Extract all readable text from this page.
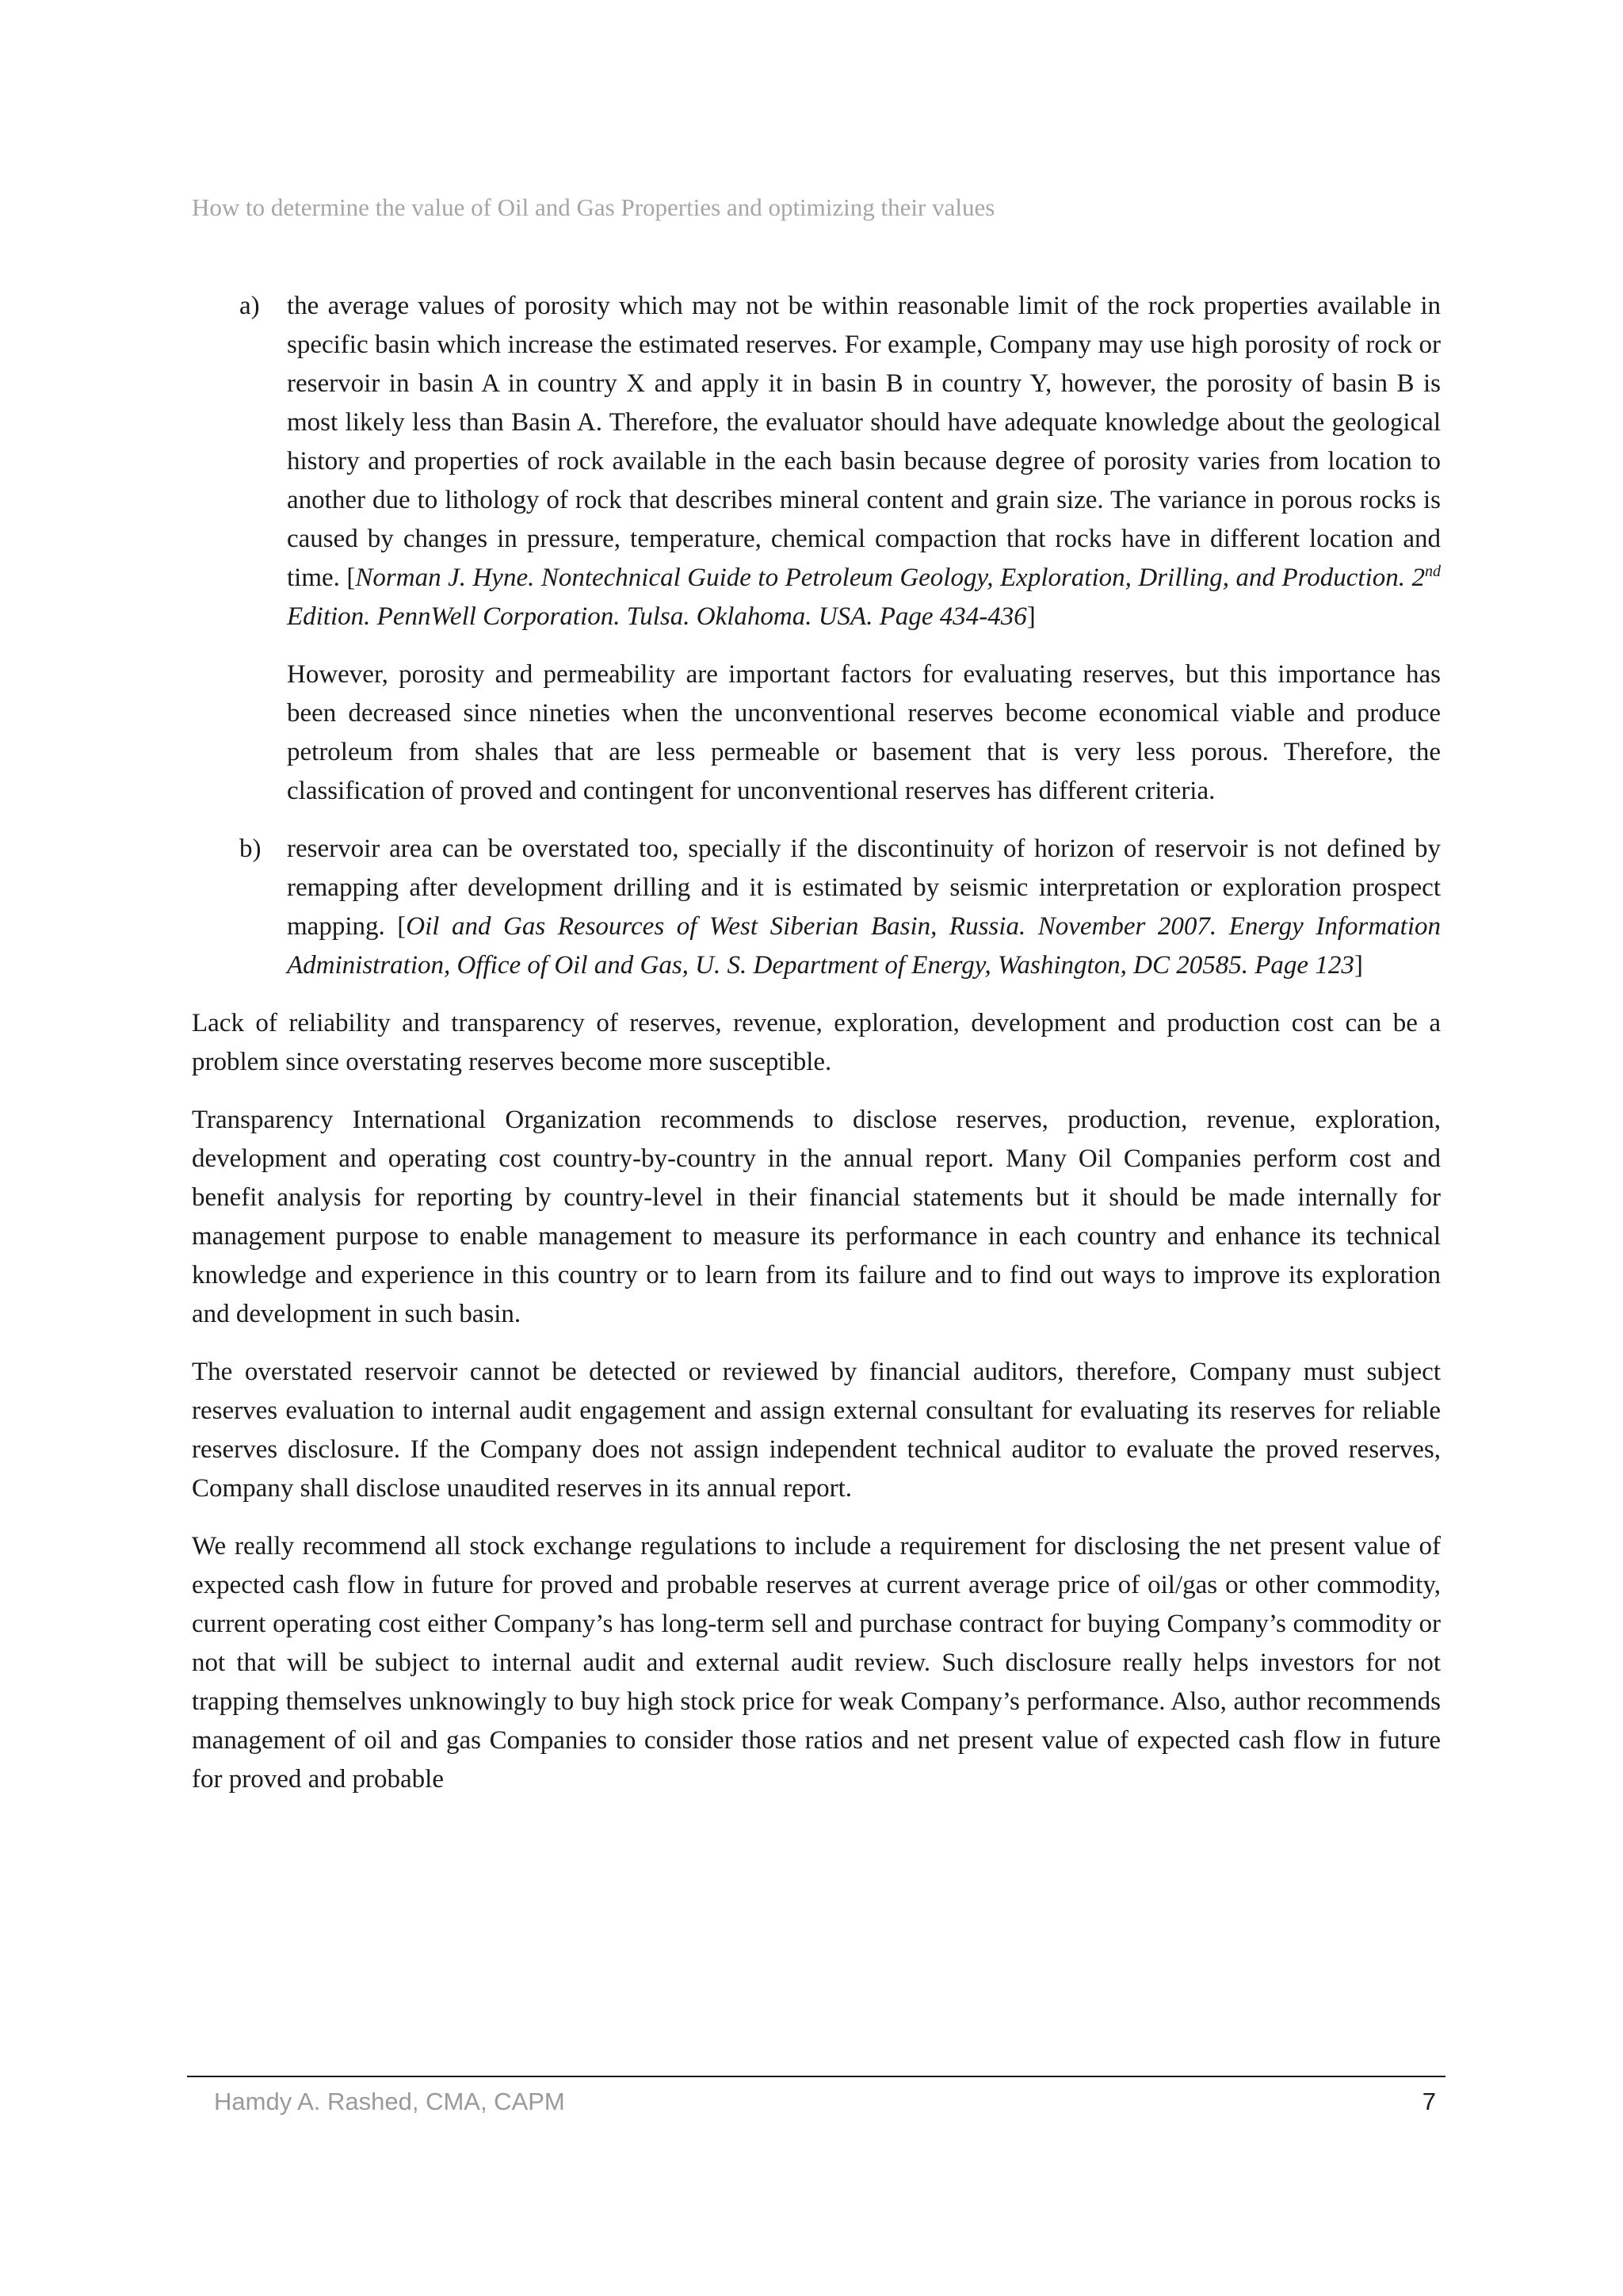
How to determine the value of Oil and Gas Properties and optimizing their values
a) the average values of porosity which may not be within reasonable limit of the rock properties available in specific basin which increase the estimated reserves. For example, Company may use high porosity of rock or reservoir in basin A in country X and apply it in basin B in country Y, however, the porosity of basin B is most likely less than Basin A. Therefore, the evaluator should have adequate knowledge about the geological history and properties of rock available in the each basin because degree of porosity varies from location to another due to lithology of rock that describes mineral content and grain size. The variance in porous rocks is caused by changes in pressure, temperature, chemical compaction that rocks have in different location and time. [Norman J. Hyne. Nontechnical Guide to Petroleum Geology, Exploration, Drilling, and Production. 2nd Edition. PennWell Corporation. Tulsa. Oklahoma. USA. Page 434-436]

However, porosity and permeability are important factors for evaluating reserves, but this importance has been decreased since nineties when the unconventional reserves become economical viable and produce petroleum from shales that are less permeable or basement that is very less porous. Therefore, the classification of proved and contingent for unconventional reserves has different criteria.

b) reservoir area can be overstated too, specially if the discontinuity of horizon of reservoir is not defined by remapping after development drilling and it is estimated by seismic interpretation or exploration prospect mapping. [Oil and Gas Resources of West Siberian Basin, Russia. November 2007. Energy Information Administration, Office of Oil and Gas, U. S. Department of Energy, Washington, DC 20585. Page 123]

Lack of reliability and transparency of reserves, revenue, exploration, development and production cost can be a problem since overstating reserves become more susceptible.

Transparency International Organization recommends to disclose reserves, production, revenue, exploration, development and operating cost country-by-country in the annual report. Many Oil Companies perform cost and benefit analysis for reporting by country-level in their financial statements but it should be made internally for management purpose to enable management to measure its performance in each country and enhance its technical knowledge and experience in this country or to learn from its failure and to find out ways to improve its exploration and development in such basin.

The overstated reservoir cannot be detected or reviewed by financial auditors, therefore, Company must subject reserves evaluation to internal audit engagement and assign external consultant for evaluating its reserves for reliable reserves disclosure. If the Company does not assign independent technical auditor to evaluate the proved reserves, Company shall disclose unaudited reserves in its annual report.

We really recommend all stock exchange regulations to include a requirement for disclosing the net present value of expected cash flow in future for proved and probable reserves at current average price of oil/gas or other commodity, current operating cost either Company’s has long-term sell and purchase contract for buying Company’s commodity or not that will be subject to internal audit and external audit review. Such disclosure really helps investors for not trapping themselves unknowingly to buy high stock price for weak Company’s performance. Also, author recommends management of oil and gas Companies to consider those ratios and net present value of expected cash flow in future for proved and probable

Hamdy A. Rashed, CMA, CAPM	7
